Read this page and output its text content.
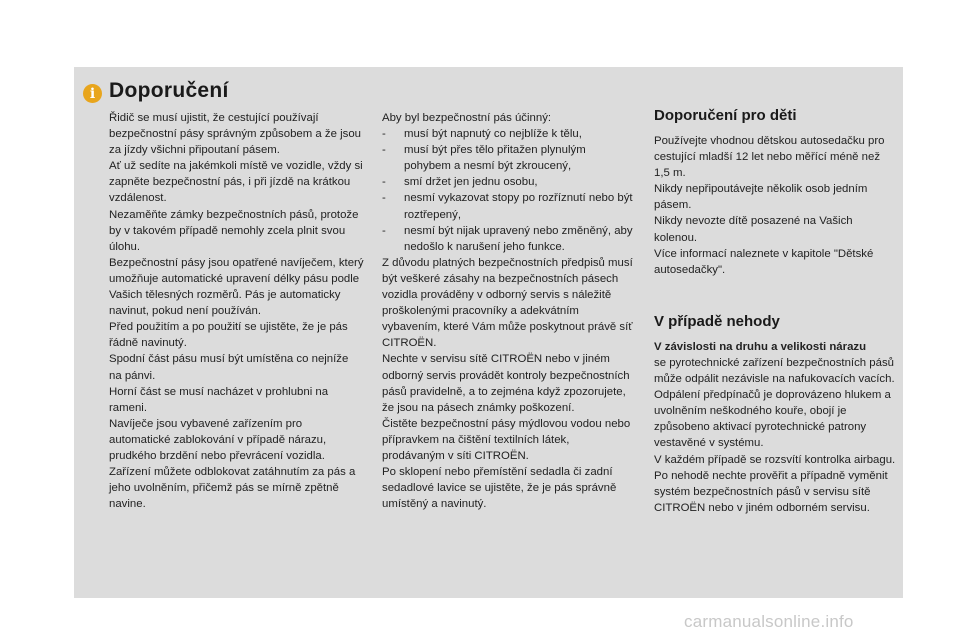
i Doporučení

Řidič se musí ujistit, že cestující používají bezpečnostní pásy správným způsobem a že jsou za jízdy všichni připoutaní pásem.

Ať už sedíte na jakémkoli místě ve vozidle, vždy si zapněte bezpečnostní pás, i při jízdě na krátkou vzdálenost.

Nezaměňte zámky bezpečnostních pásů, protože by v takovém případě nemohly zcela plnit svou úlohu.

Bezpečnostní pásy jsou opatřené navíječem, který umožňuje automatické upravení délky pásu podle Vašich tělesných rozměrů. Pás je automaticky navinut, pokud není používán.

Před použitím a po použití se ujistěte, že je pás řádně navinutý.

Spodní část pásu musí být umístěna co nejníže na pánvi.

Horní část se musí nacházet v prohlubni na rameni.

Navíječe jsou vybavené zařízením pro automatické zablokování v případě nárazu, prudkého brzdění nebo převrácení vozidla. Zařízení můžete odblokovat zatáhnutím za pás a jeho uvolněním, přičemž pás se mírně zpětně navine.

Aby byl bezpečnostní pás účinný:

-	musí být napnutý co nejblíže k tělu,
-	musí být přes tělo přitažen plynulým pohybem a nesmí být zkroucený,
-	smí držet jen jednu osobu,
-	nesmí vykazovat stopy po rozříznutí nebo být roztřepený,
-	nesmí být nijak upravený nebo změněný, aby nedošlo k narušení jeho funkce.

Z důvodu platných bezpečnostních předpisů musí být veškeré zásahy na bezpečnostních pásech vozidla prováděny v odborný servis s náležitě proškolenými pracovníky a adekvátním vybavením, které Vám může poskytnout právě síť CITROËN.

Nechte v servisu sítě CITROËN nebo v jiném odborný servis provádět kontroly bezpečnostních pásů pravidelně, a to zejména když zpozorujete, že jsou na pásech známky poškození.

Čistěte bezpečnostní pásy mýdlovou vodou nebo přípravkem na čištění textilních látek, prodávaným v síti CITROËN.

Po sklopení nebo přemístění sedadla či zadní sedadlové lavice se ujistěte, že je pás správně umístěný a navinutý.

Doporučení pro děti

Používejte vhodnou dětskou autosedačku pro cestující mladší 12 let nebo měřící méně než 1,5 m.

Nikdy nepřipoutávejte několik osob jedním pásem.

Nikdy nevozte dítě posazené na Vašich kolenou.

Více informací naleznete v kapitole "Dětské autosedačky".

V případě nehody

V závislosti na druhu a velikosti nárazu

se pyrotechnické zařízení bezpečnostních pásů může odpálit nezávisle na nafukovacích vacích. Odpálení předpínačů je doprovázeno hlukem a uvolněním neškodného kouře, obojí je způsobeno aktivací pyrotechnické patrony vestavěné v systému.

V každém případě se rozsvítí kontrolka airbagu.

Po nehodě nechte prověřit a případně vyměnit systém bezpečnostních pásů v servisu sítě CITROËN nebo v jiném odborném servisu.

carmanualsonline.info
